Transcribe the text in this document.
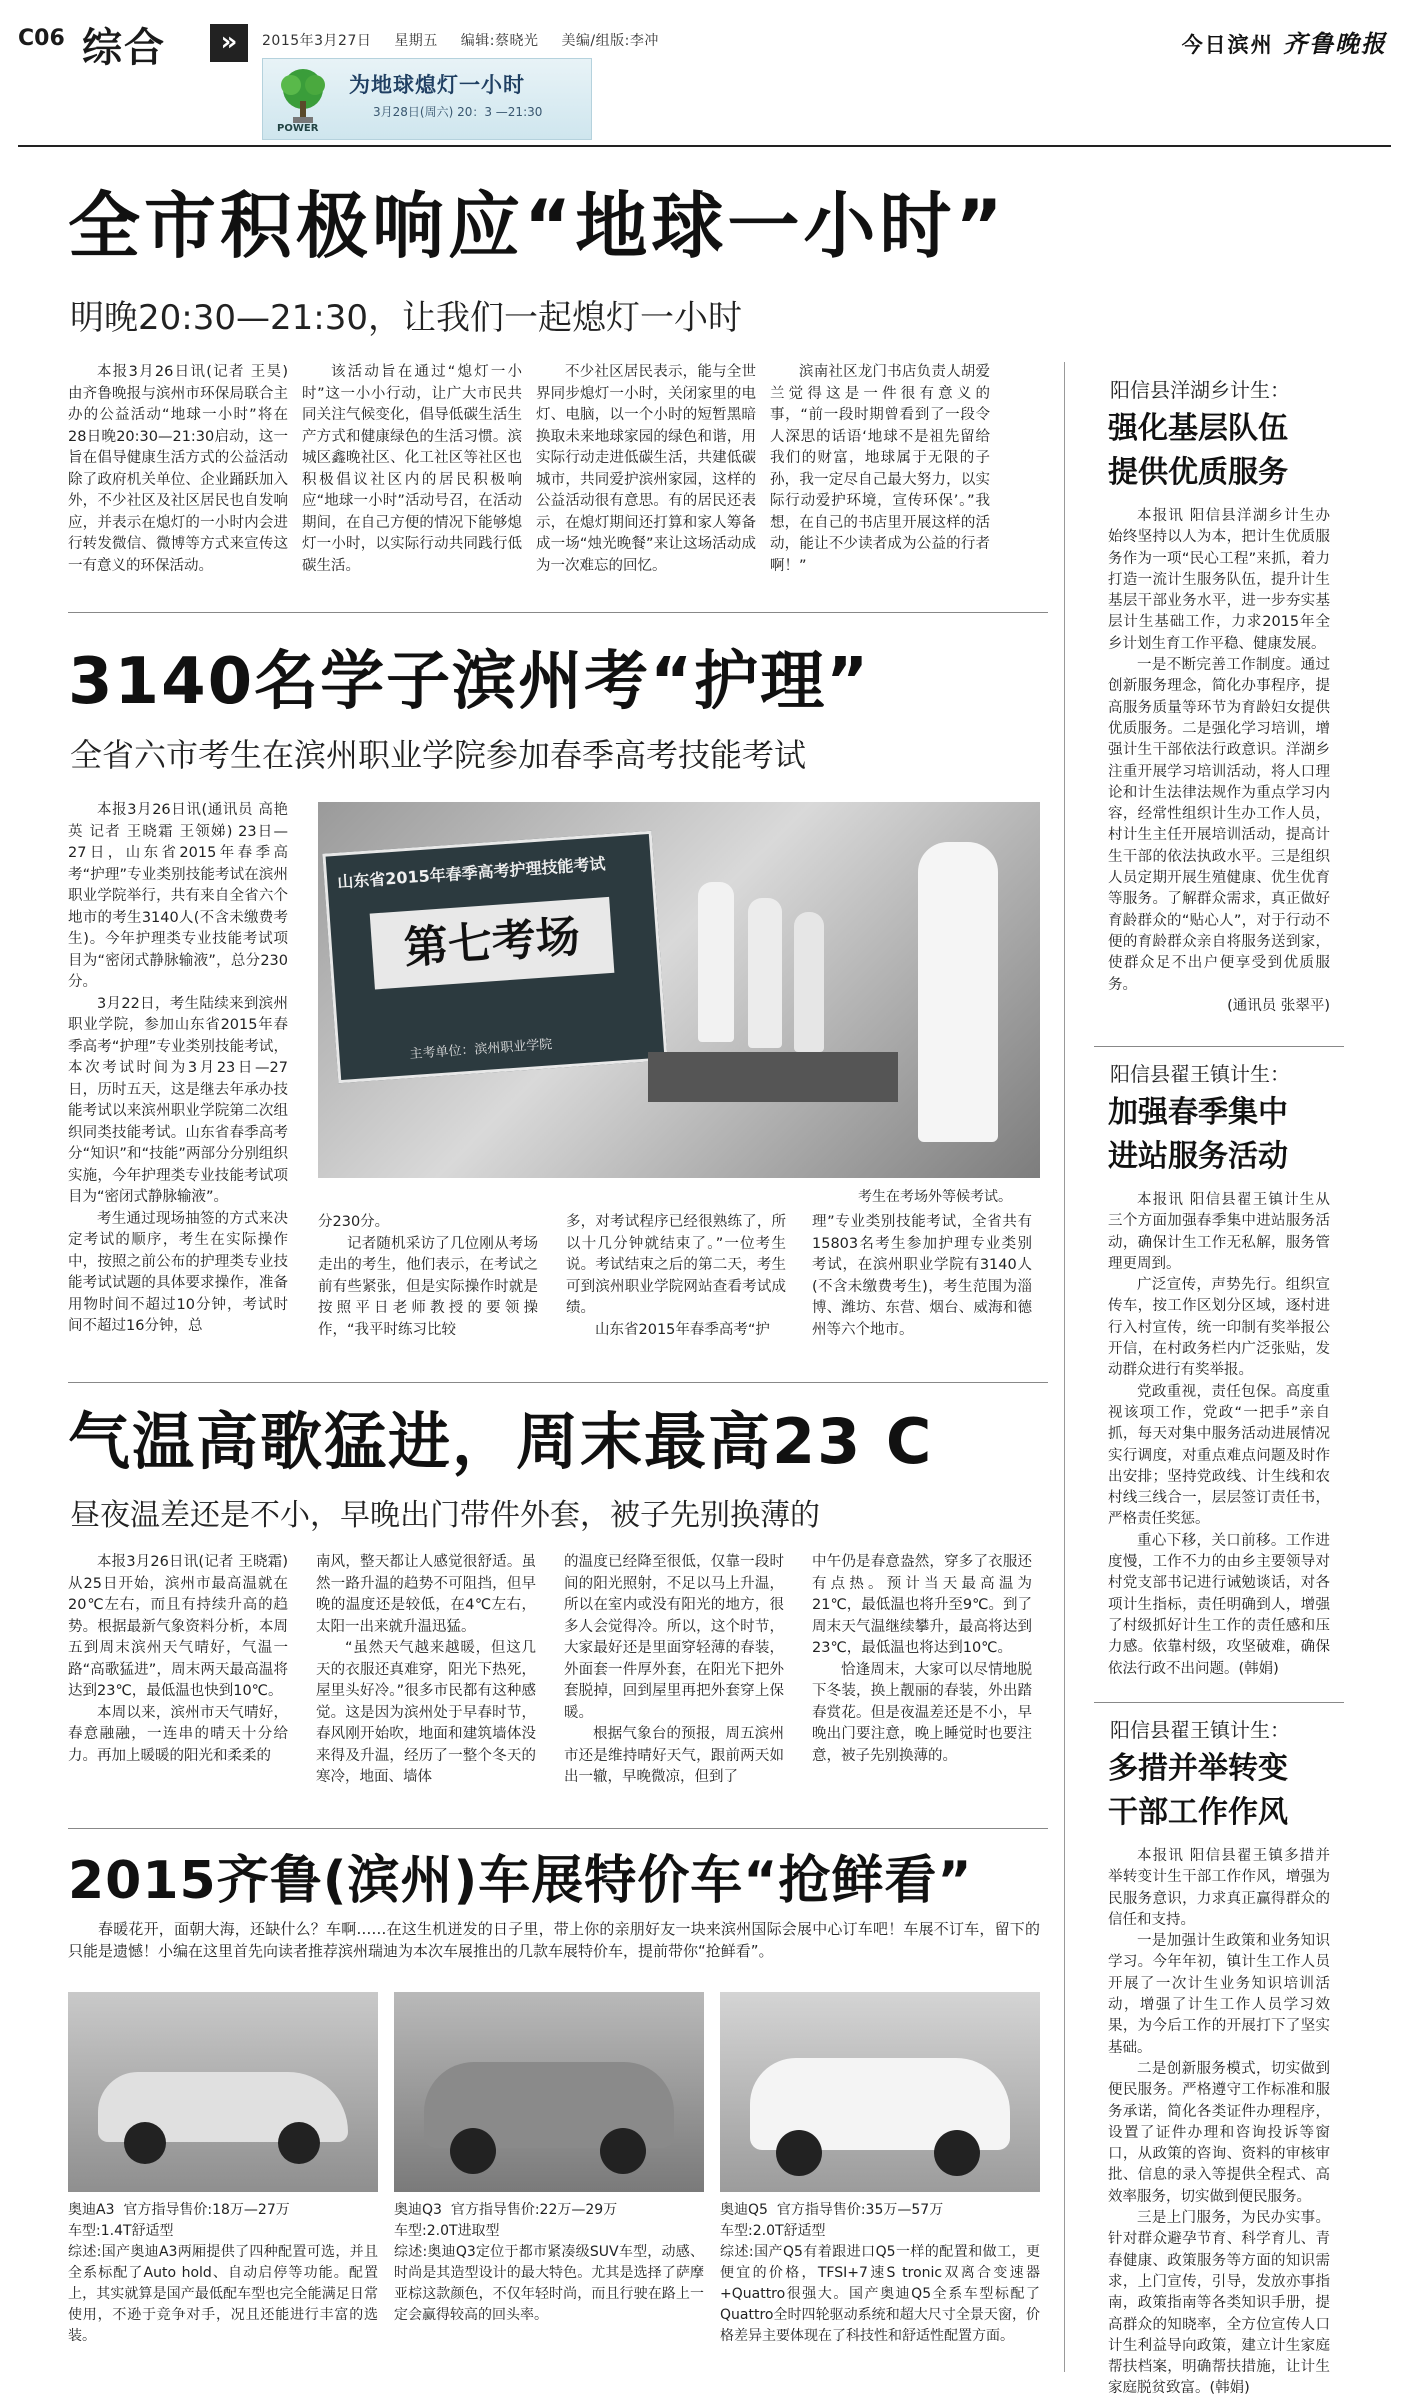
C06 综合	»	2015年3月27日 星期五 编辑:蔡晓光 美编/组版:李冲
为地球熄灯一小时
3月28日(周六) 20：3 —21:30
POWER
今日滨州 齐鲁晚报
全市积极响应“地球一小时”
明晚20:30—21:30，让我们一起熄灯一小时

本报3月26日讯(记者 王昊) 由齐鲁晚报与滨州市环保局联合主办的公益活动“地球一小时”将在28日晚20:30—21:30启动，这一旨在倡导健康生活方式的公益活动除了政府机关单位、企业踊跃加入外，不少社区及社区居民也自发响应，并表示在熄灯的一小时内会进行转发微信、微博等方式来宣传这一有意义的环保活动。

该活动旨在通过“熄灯一小时”这一小小行动，让广大市民共同关注气候变化，倡导低碳生活生产方式和健康绿色的生活习惯。滨城区鑫晚社区、化工社区等社区也积极倡议社区内的居民积极响应“地球一小时”活动号召，在活动期间，在自己方便的情况下能够熄灯一小时，以实际行动共同践行低碳生活。

不少社区居民表示，能与全世界同步熄灯一小时，关闭家里的电灯、电脑，以一个小时的短暂黑暗换取未来地球家园的绿色和谐，用实际行动走进低碳生活，共建低碳城市，共同爱护滨州家园，这样的公益活动很有意思。有的居民还表示，在熄灯期间还打算和家人筹备成一场“烛光晚餐”来让这场活动成为一次难忘的回忆。

滨南社区龙门书店负责人胡爱兰觉得这是一件很有意义的事，“前一段时期曾看到了一段令人深思的话语‘地球不是祖先留给我们的财富，地球属于无限的子孙，我一定尽自己最大努力，以实际行动爱护环境，宣传环保’。”我想，在自己的书店里开展这样的活动，能让不少读者成为公益的行者啊！”

3140名学子滨州考“护理”
全省六市考生在滨州职业学院参加春季高考技能考试

本报3月26日讯(通讯员 高艳英 记者 王晓霜 王领娣) 23日—27日，山东省2015年春季高考“护理”专业类别技能考试在滨州职业学院举行，共有来自全省六个地市的考生3140人(不含未缴费考生)。今年护理类专业技能考试项目为“密闭式静脉输液”，总分230分。

3月22日，考生陆续来到滨州职业学院，参加山东省2015年春季高考“护理”专业类别技能考试，本次考试时间为3月23日—27日，历时五天，这是继去年承办技能考试以来滨州职业学院第二次组织同类技能考试。山东省春季高考分“知识”和“技能”两部分分别组织实施，今年护理类专业技能考试项目为“密闭式静脉输液”。

考生通过现场抽签的方式来决定考试的顺序，考生在实际操作中，按照之前公布的护理类专业技能考试试题的具体要求操作，准备用物时间不超过10分钟，考试时间不超过16分钟，总

山东省2015年春季高考护理技能考试
第七考场
主考单位：滨州职业学院
考生在考场外等候考试。

分230分。

记者随机采访了几位刚从考场走出的考生，他们表示，在考试之前有些紧张，但是实际操作时就是按照平日老师教授的要领操作，“我平时练习比较

多，对考试程序已经很熟练了，所以十几分钟就结束了。”一位考生说。考试结束之后的第二天，考生可到滨州职业学院网站查看考试成绩。

山东省2015年春季高考“护

理”专业类别技能考试，全省共有15803名考生参加护理专业类别考试，在滨州职业学院有3140人(不含未缴费考生)，考生范围为淄博、潍坊、东营、烟台、威海和德州等六个地市。

气温高歌猛进，周末最高23 C
昼夜温差还是不小，早晚出门带件外套，被子先别换薄的

本报3月26日讯(记者 王晓霜) 从25日开始，滨州市最高温就在20℃左右，而且有持续升高的趋势。根据最新气象资料分析，本周五到周末滨州天气晴好，气温一路“高歌猛进”，周末两天最高温将达到23℃，最低温也快到10℃。

本周以来，滨州市天气晴好，春意融融，一连串的晴天十分给力。再加上暖暖的阳光和柔柔的

南风，整天都让人感觉很舒适。虽然一路升温的趋势不可阻挡，但早晚的温度还是较低，在4℃左右，太阳一出来就升温迅猛。

“虽然天气越来越暖，但这几天的衣服还真难穿，阳光下热死，屋里头好冷。”很多市民都有这种感觉。这是因为滨州处于早春时节，春风刚开始吹，地面和建筑墙体没来得及升温，经历了一整个冬天的寒冷，地面、墙体

的温度已经降至很低，仅靠一段时间的阳光照射，不足以马上升温，所以在室内或没有阳光的地方，很多人会觉得冷。所以，这个时节，大家最好还是里面穿轻薄的春装，外面套一件厚外套，在阳光下把外套脱掉，回到屋里再把外套穿上保暖。

根据气象台的预报，周五滨州市还是维持晴好天气，跟前两天如出一辙，早晚微凉，但到了

中午仍是春意盎然，穿多了衣服还有点热。预计当天最高温为21℃，最低温也将升至9℃。到了周末天气温继续攀升，最高将达到23℃，最低温也将达到10℃。

恰逢周末，大家可以尽情地脱下冬装，换上靓丽的春装，外出踏春赏花。但是夜温差还是不小，早晚出门要注意，晚上睡觉时也要注意，被子先别换薄的。

2015齐鲁(滨州)车展特价车“抢鲜看”

春暖花开，面朝大海，还缺什么？车啊……在这生机迸发的日子里，带上你的亲朋好友一块来滨州国际会展中心订车吧！车展不订车，留下的只能是遗憾！小编在这里首先向读者推荐滨州瑞迪为本次车展推出的几款车展特价车，提前带你“抢鲜看”。

奥迪A3 官方指导售价:18万—27万
车型:1.4T舒适型
综述:国产奥迪A3两厢提供了四种配置可选，并且全系标配了Auto hold、自动启停等功能。配置上，其实就算是国产最低配车型也完全能满足日常使用，不逊于竞争对手，况且还能进行丰富的选装。
奥迪Q3 官方指导售价:22万—29万
车型:2.0T进取型
综述:奥迪Q3定位于都市紧凑级SUV车型，动感、时尚是其造型设计的最大特色。尤其是选择了萨摩亚棕这款颜色，不仅年轻时尚，而且行驶在路上一定会赢得较高的回头率。
奥迪Q5 官方指导售价:35万—57万
车型:2.0T舒适型
综述:国产Q5有着跟进口Q5一样的配置和做工，更便宜的价格，TFSI+7速S tronic双离合变速器+Quattro很强大。国产奥迪Q5全系车型标配了Quattro全时四轮驱动系统和超大尺寸全景天窗，价格差异主要体现在了科技性和舒适性配置方面。
阳信县洋湖乡计生：
强化基层队伍
提供优质服务

本报讯 阳信县洋湖乡计生办始终坚持以人为本，把计生优质服务作为一项“民心工程”来抓，着力打造一流计生服务队伍，提升计生基层干部业务水平，进一步夯实基层计生基础工作，力求2015年全乡计划生育工作平稳、健康发展。

一是不断完善工作制度。通过创新服务理念，简化办事程序，提高服务质量等环节为育龄妇女提供优质服务。二是强化学习培训，增强计生干部依法行政意识。洋湖乡注重开展学习培训活动，将人口理论和计生法律法规作为重点学习内容，经常性组织计生办工作人员，村计生主任开展培训活动，提高计生干部的依法执政水平。三是组织人员定期开展生殖健康、优生优育等服务。了解群众需求，真正做好育龄群众的“贴心人”，对于行动不便的育龄群众亲自将服务送到家，使群众足不出户便享受到优质服务。

(通讯员 张翠平)
阳信县翟王镇计生：
加强春季集中
进站服务活动

本报讯 阳信县翟王镇计生从三个方面加强春季集中进站服务活动，确保计生工作无私解，服务管理更周到。

广泛宣传，声势先行。组织宣传车，按工作区划分区域，逐村进行入村宣传，统一印制有奖举报公开信，在村政务栏内广泛张贴，发动群众进行有奖举报。

党政重视，责任包保。高度重视该项工作，党政“一把手”亲自抓，每天对集中服务活动进展情况实行调度，对重点难点问题及时作出安排；坚持党政线、计生线和农村线三线合一，层层签订责任书，严格责任奖惩。

重心下移，关口前移。工作进度慢，工作不力的由乡主要领导对村党支部书记进行诫勉谈话，对各项计生指标，责任明确到人，增强了村级抓好计生工作的责任感和压力感。依靠村级，攻坚破难，确保依法行政不出问题。(韩娟)

阳信县翟王镇计生：
多措并举转变
干部工作作风

本报讯 阳信县翟王镇多措并举转变计生干部工作作风，增强为民服务意识，力求真正赢得群众的信任和支持。

一是加强计生政策和业务知识学习。今年年初，镇计生工作人员开展了一次计生业务知识培训活动，增强了计生工作人员学习效果，为今后工作的开展打下了坚实基础。

二是创新服务模式，切实做到便民服务。严格遵守工作标准和服务承诺，简化各类证件办理程序，设置了证件办理和咨询投诉等窗口，从政策的咨询、资料的审核审批、信息的录入等提供全程式、高效率服务，切实做到便民服务。

三是上门服务，为民办实事。针对群众避孕节育、科学育儿、青春健康、政策服务等方面的知识需求，上门宣传，引导，发放亦事指南，政策指南等各类知识手册，提高群众的知晓率，全方位宣传人口计生利益导向政策，建立计生家庭帮扶档案，明确帮扶措施，让计生家庭脱贫致富。(韩娟)
